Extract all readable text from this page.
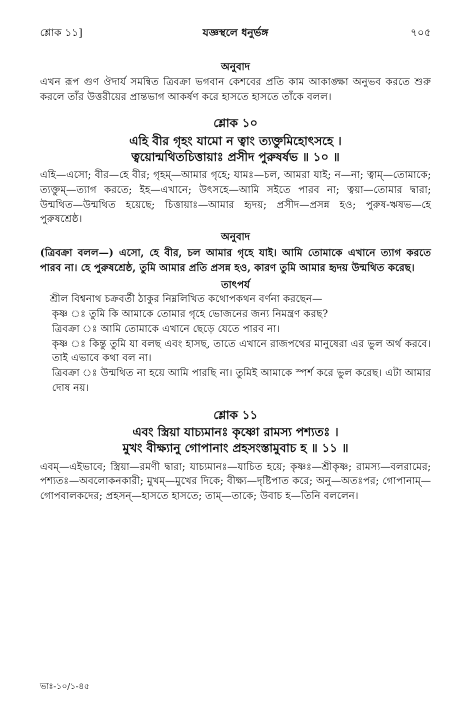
শ্লোক ১১]	যজ্ঞস্থলে ধনুর্ভঙ্গ	৭০৫
অনুবাদ

এখন রূপ গুণ ঔদার্য সমন্বিত ত্রিবক্রা ভগবান কেশবের প্রতি কাম আকাঙ্ক্ষা অনুভব করতে শুরু করলে তাঁর উত্তরীয়ের প্রান্তভাগ আকর্ষণ করে হাসতে হাসতে তাঁকে বলল।

শ্লোক ১০
এহি বীর গৃহং যামো ন ত্বাং ত্যক্তুমিহোৎসহে ।
ত্বয়োন্মথিতচিত্তায়াঃ প্রসীদ পুরুষর্ষভ ॥ ১০ ॥

এহি—এসো; বীর—হে বীর; গৃহম্—আমার গৃহে; যামঃ—চল, আমরা যাই; ন—না; ত্বাম্—তোমাকে; ত্যক্তুম্—ত্যাগ করতে; ইহ—এখানে; উৎসহে—আমি সইতে পারব না; ত্বয়া—তোমার দ্বারা; উন্মথিত—উন্মথিত হয়েছে; চিত্তায়াঃ—আমার হৃদয়; প্রসীদ—প্রসন্ন হও; পুরুষ-ঋষভ—হে পুরুষশ্রেষ্ঠ।

অনুবাদ

(ত্রিবক্রা বলল—) এসো, হে বীর, চল আমার গৃহে যাই। আমি তোমাকে এখানে ত্যাগ করতে পারব না। হে পুরুষশ্রেষ্ঠ, তুমি আমার প্রতি প্রসন্ন হও, কারণ তুমি আমার হৃদয় উন্মথিত করেছ।

তাৎপর্য

শ্রীল বিশ্বনাথ চক্রবর্তী ঠাকুর নিম্নলিখিত কথোপকথন বর্ণনা করছেন—

কৃষ্ণ ঃ তুমি কি আমাকে তোমার গৃহে ভোজনের জন্য নিমন্ত্রণ করছ?

ত্রিবক্রা ঃ আমি তোমাকে এখানে ছেড়ে যেতে পারব না।

কৃষ্ণ ঃ কিন্তু তুমি যা বলছ এবং হাসছ, তাতে এখানে রাজপথের মানুষেরা এর ভুল অর্থ করবে। তাই এভাবে কথা বল না।

ত্রিবক্রা ঃ উন্মথিত না হয়ে আমি পারছি না। তুমিই আমাকে স্পর্শ করে ভুল করেছ। এটা আমার দোষ নয়।

শ্লোক ১১
এবং স্ত্রিয়া যাচ্যমানঃ কৃষ্ণো রামস্য পশ্যতঃ ।
মুখং বীক্ষ্যানু গোপানাং প্রহসংস্তামুবাচ হ ॥ ১১ ॥

এবম্—এইভাবে; স্ত্রিয়া—রমণী দ্বারা; যাচ্যমানঃ—যাচিত হয়ে; কৃষ্ণঃ—শ্রীকৃষ্ণ; রামস্য—বলরামের; পশ্যতঃ—অবলোকনকারী; মুখম্—মুখের দিকে; বীক্ষ্য—দৃষ্টিপাত করে; অনু—অতঃপর; গোপানাম্—গোপবালকদের; প্রহসন্—হাসতে হাসতে; তাম্—তাকে; উবাচ হ—তিনি বললেন।

ভাঃ-১০/১-৪৫
